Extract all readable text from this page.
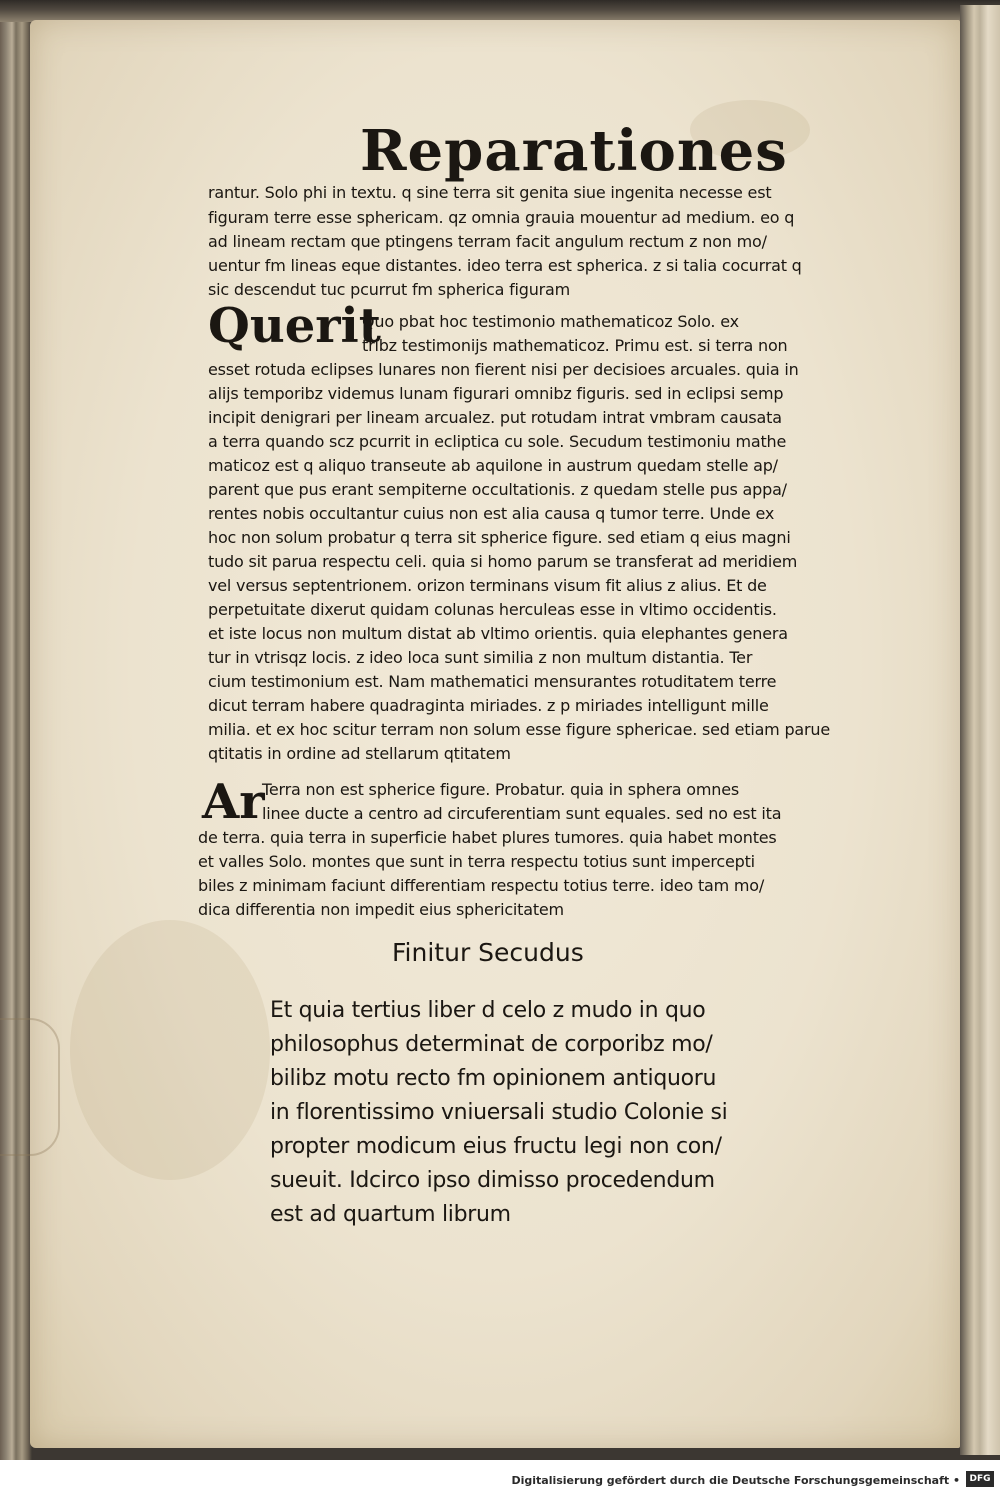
Reparationes
rantur. Solo phi in textu. q sine terra sit genita siue ingenita necesse est
figuram terre esse sphericam. qz omnia grauia mouentur ad medium. eo q
ad lineam rectam que ptingens terram facit angulum rectum z non mo/
uentur fm lineas eque distantes. ideo terra est spherica. z si talia cocurrat q
sic descendut tuc pcurrut fm spherica figuram
Querit
Quo pbat hoc testimonio mathematicoz Solo. ex
tribz testimonijs mathematicoz. Primu est. si terra non
esset rotuda eclipses lunares non fierent nisi per decisioes arcuales. quia in
alijs temporibz videmus lunam figurari omnibz figuris. sed in eclipsi semp
incipit denigrari per lineam arcualez. put rotudam intrat vmbram causata
a terra quando scz pcurrit in ecliptica cu sole. Secudum testimoniu mathe
maticoz est q aliquo transeute ab aquilone in austrum quedam stelle ap/
parent que pus erant sempiterne occultationis. z quedam stelle pus appa/
rentes nobis occultantur cuius non est alia causa q tumor terre. Unde ex
hoc non solum probatur q terra sit spherice figure. sed etiam q eius magni
tudo sit parua respectu celi. quia si homo parum se transferat ad meridiem
vel versus septentrionem. orizon terminans visum fit alius z alius. Et de
perpetuitate dixerut quidam colunas herculeas esse in vltimo occidentis.
et iste locus non multum distat ab vltimo orientis. quia elephantes genera
tur in vtrisqz locis. z ideo loca sunt similia z non multum distantia. Ter
cium testimonium est. Nam mathematici mensurantes rotuditatem terre
dicut terram habere quadraginta miriades. z p miriades intelligunt mille
milia. et ex hoc scitur terram non solum esse figure sphericae. sed etiam parue
qtitatis in ordine ad stellarum qtitatem
Ar
Terra non est spherice figure. Probatur. quia in sphera omnes
linee ducte a centro ad circuferentiam sunt equales. sed no est ita
de terra. quia terra in superficie habet plures tumores. quia habet montes
et valles Solo. montes que sunt in terra respectu totius sunt impercepti
biles z minimam faciunt differentiam respectu totius terre. ideo tam mo/
dica differentia non impedit eius sphericitatem
Finitur Secudus
Et quia tertius liber d celo z mudo in quo
philosophus determinat de corporibz mo/
bilibz motu recto fm opinionem antiquoru
in florentissimo vniuersali studio Colonie si
propter modicum eius fructu legi non con/
sueuit. Idcirco ipso dimisso procedendum
est ad quartum librum
Digitalisierung gefördert durch die Deutsche Forschungsgemeinschaft •	DFG
